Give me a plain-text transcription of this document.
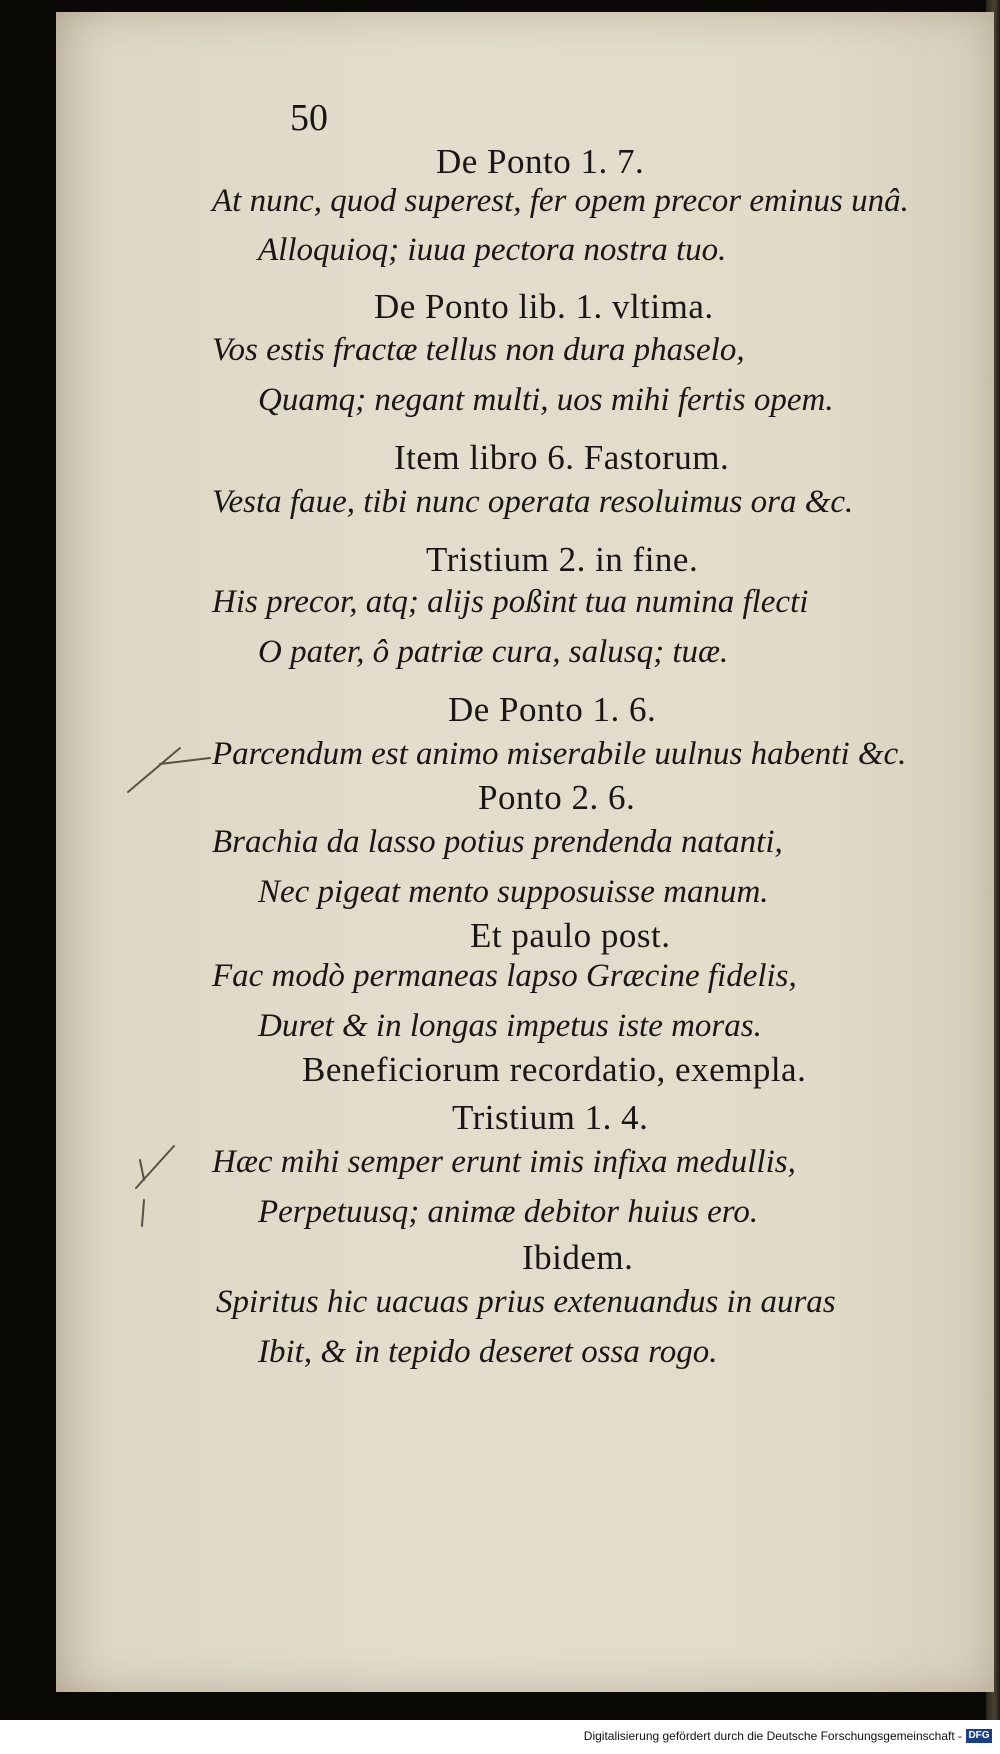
50
De Ponto 1. 7.
At nunc, quod superest, fer opem precor eminus unâ.
Alloquioq; iuua pectora nostra tuo.
De Ponto lib. 1. vltima.
Vos estis fractæ tellus non dura phaselo,
Quamq; negant multi, uos mihi fertis opem.
Item libro 6. Fastorum.
Vesta faue, tibi nunc operata resoluimus ora &c.
Tristium 2. in fine.
His precor, atq; alijs poßint tua numina flecti
O pater, ô patriæ cura, salusq; tuæ.
De Ponto 1. 6.
Parcendum est animo miserabile uulnus habenti &c.
Ponto 2. 6.
Brachia da lasso potius prendenda natanti,
Nec pigeat mento supposuisse manum.
Et paulo post.
Fac modò permaneas lapso Græcine fidelis,
Duret & in longas impetus iste moras.
Beneficiorum recordatio, exempla.
Tristium 1. 4.
Hæc mihi semper erunt imis infixa medullis,
Perpetuusq; animæ debitor huius ero.
Ibidem.
Spiritus hic uacuas prius extenuandus in auras
Ibit, & in tepido deseret ossa rogo.
Digitalisierung gefördert durch die Deutsche Forschungsgemeinschaft - DFG
